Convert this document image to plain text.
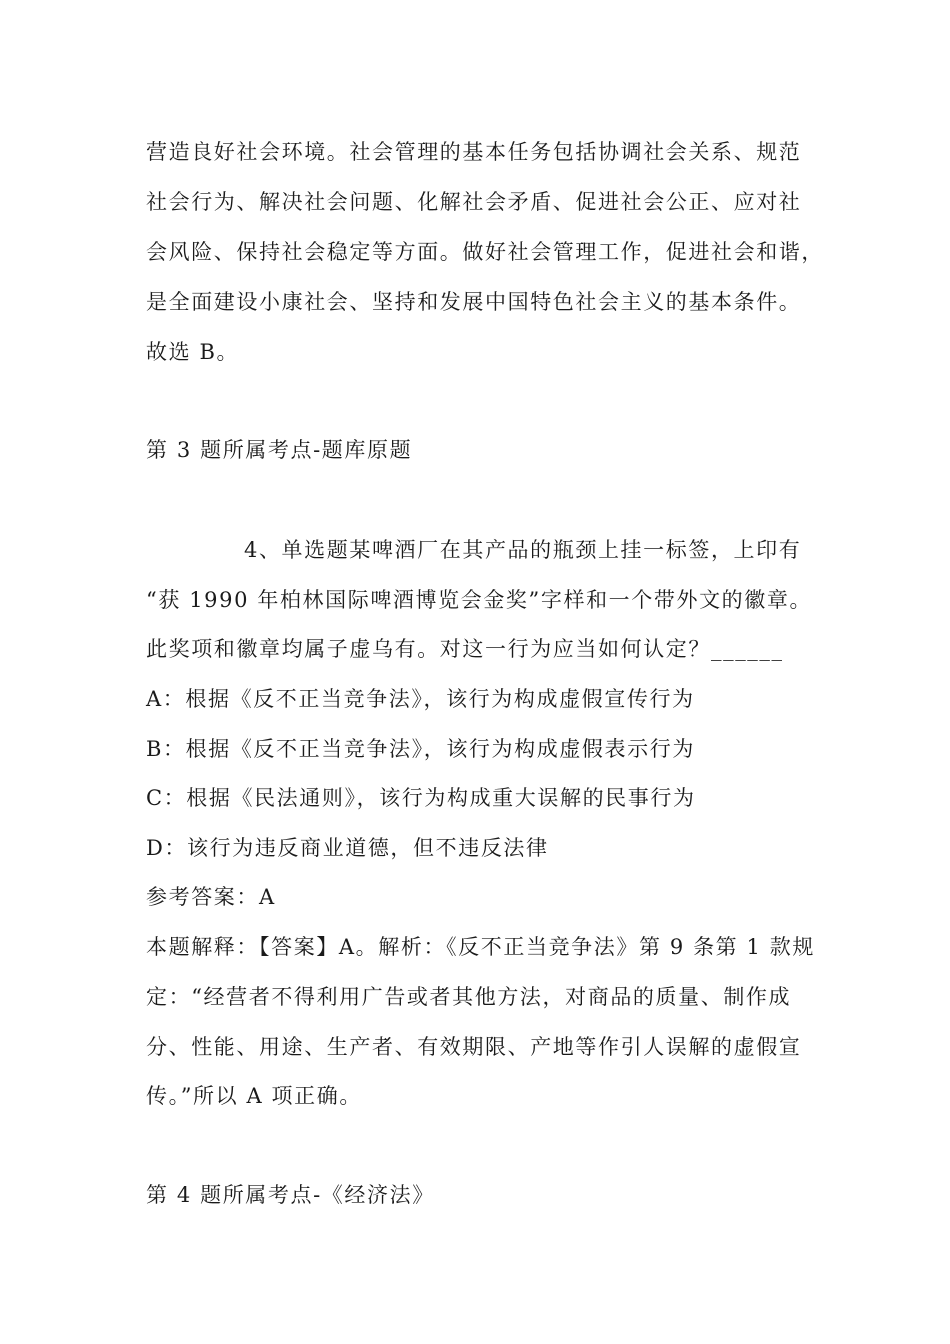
营造良好社会环境。社会管理的基本任务包括协调社会关系、规范
社会行为、解决社会问题、化解社会矛盾、促进社会公正、应对社
会风险、保持社会稳定等方面。做好社会管理工作，促进社会和谐，
是全面建设小康社会、坚持和发展中国特色社会主义的基本条件。
故选 B。
第 3 题所属考点-题库原题
4、单选题某啤酒厂在其产品的瓶颈上挂一标签，上印有
“获 1990 年柏林国际啤酒博览会金奖”字样和一个带外文的徽章。
此奖项和徽章均属子虚乌有。对这一行为应当如何认定？______
A：根据《反不正当竞争法》，该行为构成虚假宣传行为
B：根据《反不正当竞争法》，该行为构成虚假表示行为
C：根据《民法通则》，该行为构成重大误解的民事行为
D：该行为违反商业道德，但不违反法律
参考答案：A
本题解释：【答案】A。解析：《反不正当竞争法》第 9 条第 1 款规
定：“经营者不得利用广告或者其他方法，对商品的质量、制作成
分、性能、用途、生产者、有效期限、产地等作引人误解的虚假宣
传。”所以 A 项正确。
第 4 题所属考点-《经济法》
